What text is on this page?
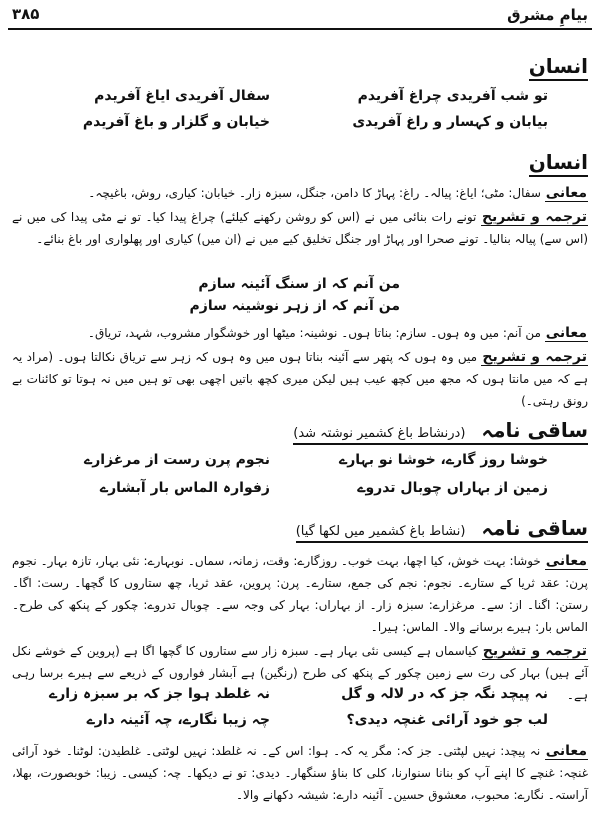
بیامِ مشرق
۳۸۵
انسان
تو شب آفریدی چراغ آفریدم
سفال آفریدی ایاغ آفریدم
بیابان و کہسار و راغ آفریدی
خیابان و گلزار و باغ آفریدم
انسان
معانی سفال: مٹی؛ ایاغ: پیالہ۔ راغ: پہاڑ کا دامن، جنگل، سبزہ زار۔ خیابان: کیاری، روش، باغیچہ۔
ترجمہ و تشریح تونے رات بنائی میں نے (اس کو روشن رکھنے کیلئے) چراغ پیدا کیا۔ تو نے مٹی پیدا کی میں نے (اس سے) پیالہ بنالیا۔ تونے صحرا اور پہاڑ اور جنگل تخلیق کیے میں نے (ان میں) کیاری اور پھلواری اور باغ بنائے۔
من آنم کہ از سنگ آئینہ سازم
من آنم کہ از زہر نوشینہ سازم
معانی من آنم: میں وہ ہوں۔ سازم: بناتا ہوں۔ نوشینہ: میٹھا اور خوشگوار مشروب، شہد، تریاق۔
ترجمہ و تشریح میں وہ ہوں کہ پتھر سے آئینہ بناتا ہوں میں وہ ہوں کہ زہر سے تریاق نکالتا ہوں۔ (مراد یہ ہے کہ میں مانتا ہوں کہ مجھ میں کچھ عیب ہیں لیکن میری کچھ باتیں اچھی بھی تو ہیں میں نہ ہوتا تو کائنات بے رونق رہتی۔)
ساقی نامہ(درنشاط باغ کشمیر نوشتہ شد)
خوشا روز گارے، خوشا نو بہارے
نجوم پرن رست از مرغزارے
زمین از بہاراں چوبال تدروے
زفوارہ الماس بار آبشارے
ساقی نامہ(نشاط باغ کشمیر میں لکھا گیا)
معانی خوشا: بہت خوش، کیا اچھا، بہت خوب۔ روزگارے: وقت، زمانہ، سماں۔ نوبہارے: نئی بہار، تازہ بہار۔ نجوم پرن: عقد ثریا کے ستارے۔ نجوم: نجم کی جمع، ستارے۔ پرن: پروین، عقد ثریا، چھ ستاروں کا گچھا۔ رست: اگا۔ رستن: اگنا۔ از: سے۔ مرغزارے: سبزہ زار۔ از بہاراں: بہار کی وجہ سے۔ چوبال تدروے: چکور کے پنکھ کی طرح۔ الماس بار: ہیرے برسانے والا۔ الماس: ہیرا۔
ترجمہ و تشریح کیاسماں ہے کیسی نئی بہار ہے۔ سبزہ زار سے ستاروں کا گچھا اگا ہے (پروین کے خوشے نکل آئے ہیں) بہار کی رت سے زمین چکور کے پنکھ کی طرح (رنگین) ہے آبشار فواروں کے ذریعے سے ہیرے برسا رہی ہے۔
نہ پیچد نگہ جز کہ در لالہ و گل
نہ غلطد ہوا جز کہ بر سبزہ زارے
لب جو خود آرائی غنچہ دیدی؟
چہ زیبا نگارے، چہ آئینہ دارے
معانی نہ پیچد: نہیں لپٹتی۔ جز کہ: مگر یہ کہ۔ ہوا: اس کے۔ نہ غلطد: نہیں لوٹتی۔ غلطیدن: لوٹنا۔ خود آرائی غنچہ: غنچے کا اپنے آپ کو بنانا سنوارنا، کلی کا بناؤ سنگھار۔ دیدی: تو نے دیکھا۔ چہ: کیسی۔ زیبا: خوبصورت، بھلا، آراستہ۔ نگارے: محبوب، معشوق حسین۔ آئینہ دارے: شیشہ دکھانے والا۔
